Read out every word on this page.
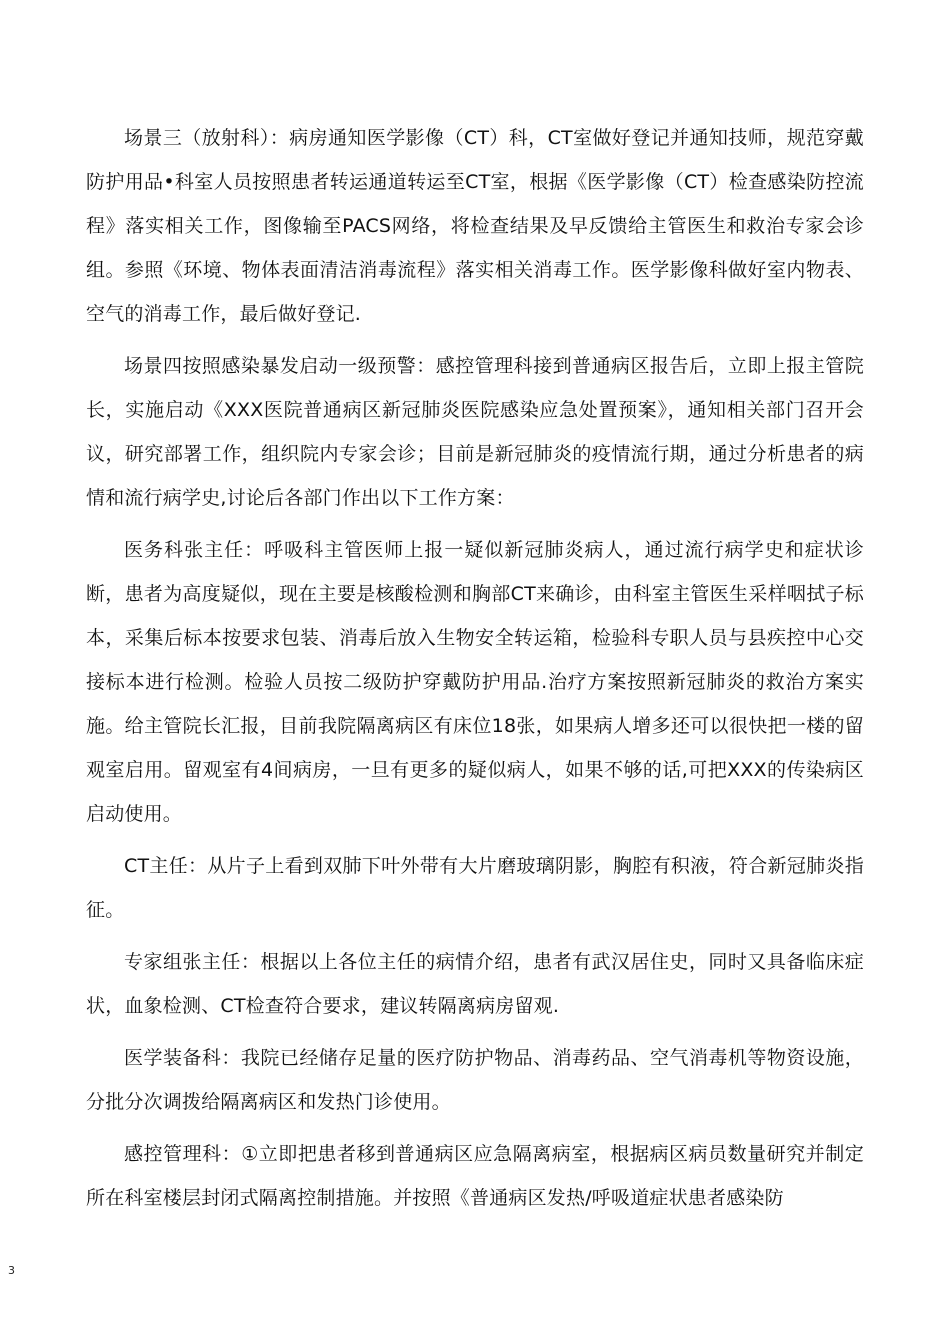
场景三（放射科）：病房通知医学影像（CT）科，CT室做好登记并通知技师，规范穿戴防护用品•科室人员按照患者转运通道转运至CT室，根据《医学影像（CT）检查感染防控流程》落实相关工作，图像输至PACS网络，将检查结果及早反馈给主管医生和救治专家会诊组。参照《环境、物体表面清洁消毒流程》落实相关消毒工作。医学影像科做好室内物表、空气的消毒工作，最后做好登记.

场景四按照感染暴发启动一级预警：感控管理科接到普通病区报告后，立即上报主管院长，实施启动《XXX医院普通病区新冠肺炎医院感染应急处置预案》，通知相关部门召开会议，研究部署工作，组织院内专家会诊；目前是新冠肺炎的疫情流行期，通过分析患者的病情和流行病学史,讨论后各部门作出以下工作方案：

医务科张主任：呼吸科主管医师上报一疑似新冠肺炎病人，通过流行病学史和症状诊断，患者为高度疑似，现在主要是核酸检测和胸部CT来确诊，由科室主管医生采样咽拭子标本，采集后标本按要求包装、消毒后放入生物安全转运箱，检验科专职人员与县疾控中心交接标本进行检测。检验人员按二级防护穿戴防护用品.治疗方案按照新冠肺炎的救治方案实施。给主管院长汇报，目前我院隔离病区有床位18张，如果病人增多还可以很快把一楼的留观室启用。留观室有4间病房，一旦有更多的疑似病人，如果不够的话,可把XXX的传染病区启动使用。

CT主任：从片子上看到双肺下叶外带有大片磨玻璃阴影，胸腔有积液，符合新冠肺炎指征。

专家组张主任：根据以上各位主任的病情介绍，患者有武汉居住史，同时又具备临床症状，血象检测、CT检查符合要求，建议转隔离病房留观.

医学装备科：我院已经储存足量的医疗防护物品、消毒药品、空气消毒机等物资设施，分批分次调拨给隔离病区和发热门诊使用。

感控管理科：①立即把患者移到普通病区应急隔离病室，根据病区病员数量研究并制定所在科室楼层封闭式隔离控制措施。并按照《普通病区发热/呼吸道症状患者感染防

3
